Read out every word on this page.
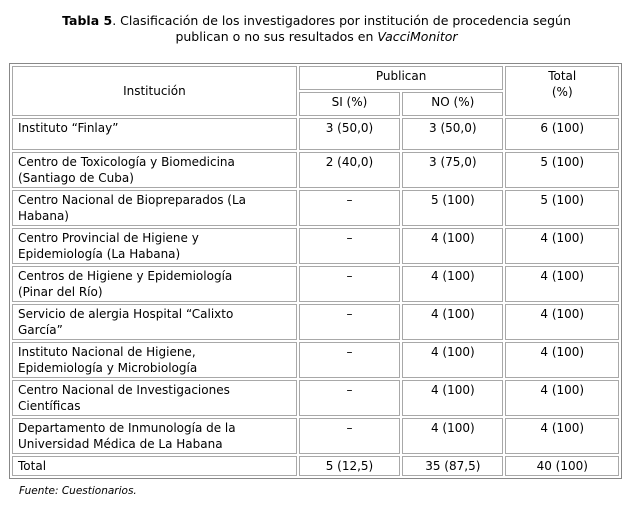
Tabla 5. Clasificación de los investigadores por institución de procedencia según
publican o no sus resultados en VacciMonitor
Institución	Publican		Total
(%)

	SI (%)	NO (%)	

Instituto “Finlay”	3 (50,0)	3 (50,0)	6 (100)

Centro de Toxicología y Biomedicina
(Santiago de Cuba)	2 (40,0)	3 (75,0)	5 (100)

Centro Nacional de Biopreparados (La
Habana)	–	5 (100)	5 (100)

Centro Provincial de Higiene y
Epidemiología (La Habana)	–	4 (100)	4 (100)

Centros de Higiene y Epidemiología
(Pinar del Río)	–	4 (100)	4 (100)

Servicio de alergia Hospital “Calixto
García”	–	4 (100)	4 (100)

Instituto Nacional de Higiene,
Epidemiología y Microbiología	–	4 (100)	4 (100)

Centro Nacional de Investigaciones
Científicas	–	4 (100)	4 (100)

Departamento de Inmunología de la
Universidad Médica de La Habana	–	4 (100)	4 (100)
Total	5 (12,5)	35 (87,5)	40 (100)
Fuente: Cuestionarios.
